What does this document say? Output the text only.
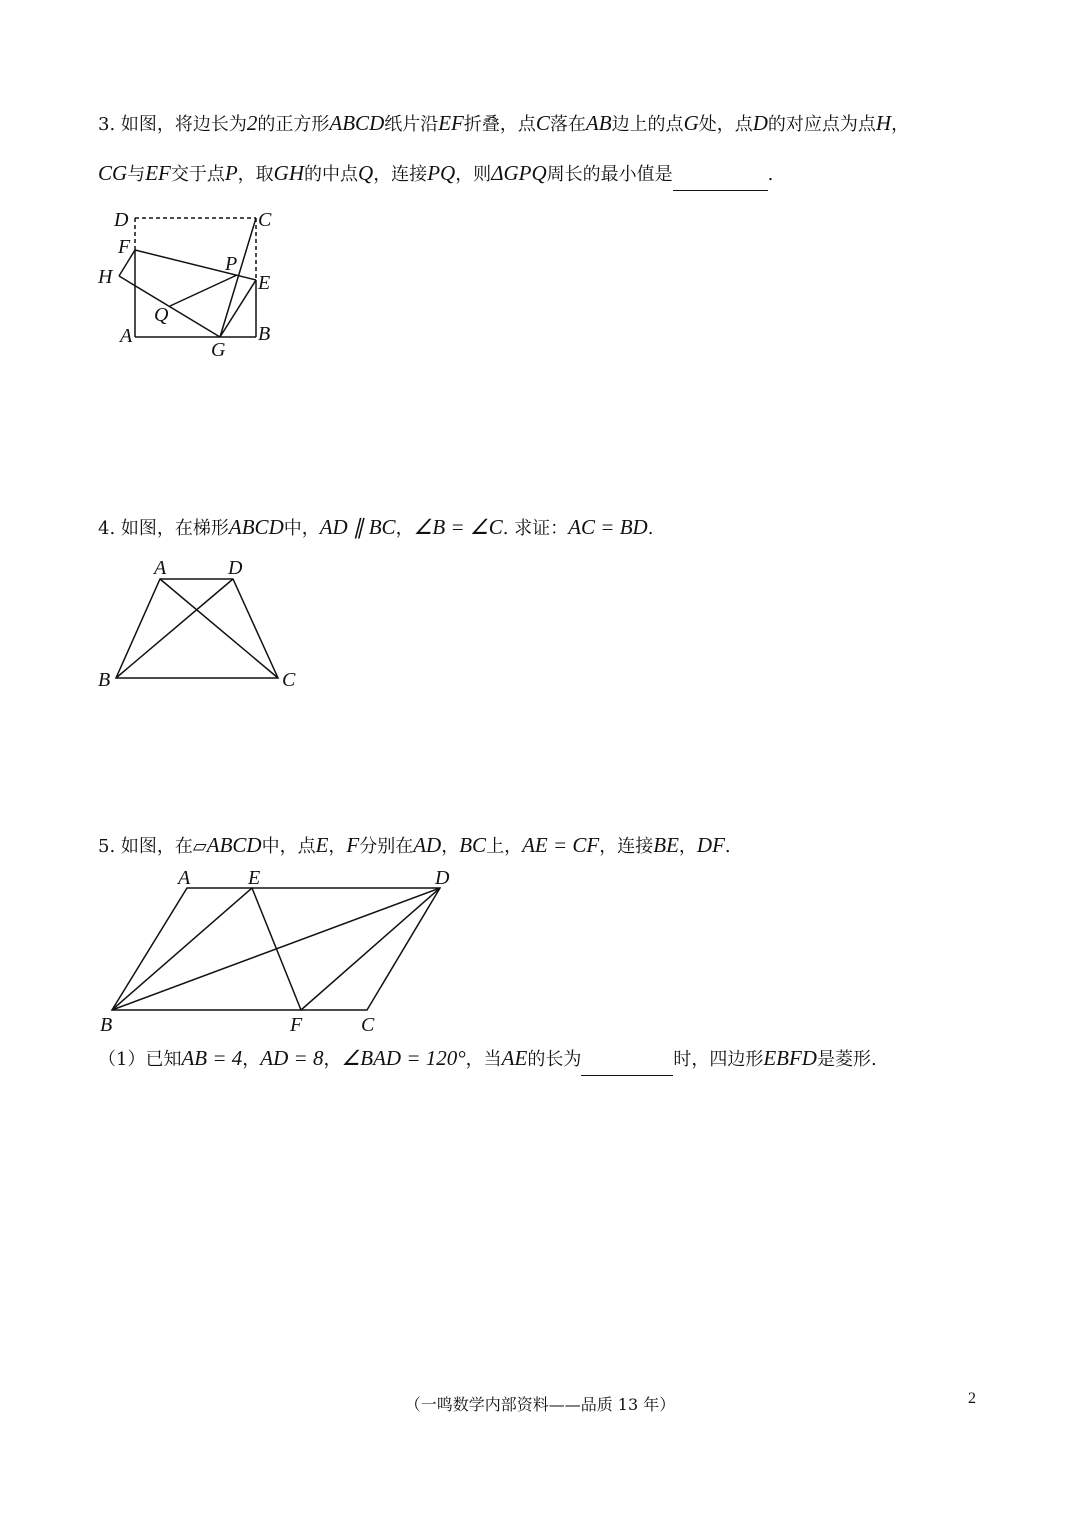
3. 如图，将边长为2的正方形ABCD纸片沿EF折叠，点C落在AB边上的点G处，点D的对应点为点H，
CG与EF交于点P，取GH的中点Q，连接PQ，则ΔGPQ周长的最小值是	.
D	C
F
P
H	E
Q
A	B
G
4. 如图，在梯形ABCD中，AD ∥ BC，∠B = ∠C. 求证：AC = BD.
A	D
B	C
5. 如图，在▱ABCD中，点E，F分别在AD，BC上，AE = CF，连接BE，DF.
A	E	D
B	F	C
（1）已知AB = 4，AD = 8，∠BAD = 120°，当AE的长为	时，四边形EBFD是菱形.
（一鸣数学内部资料——品质 13 年）	2
